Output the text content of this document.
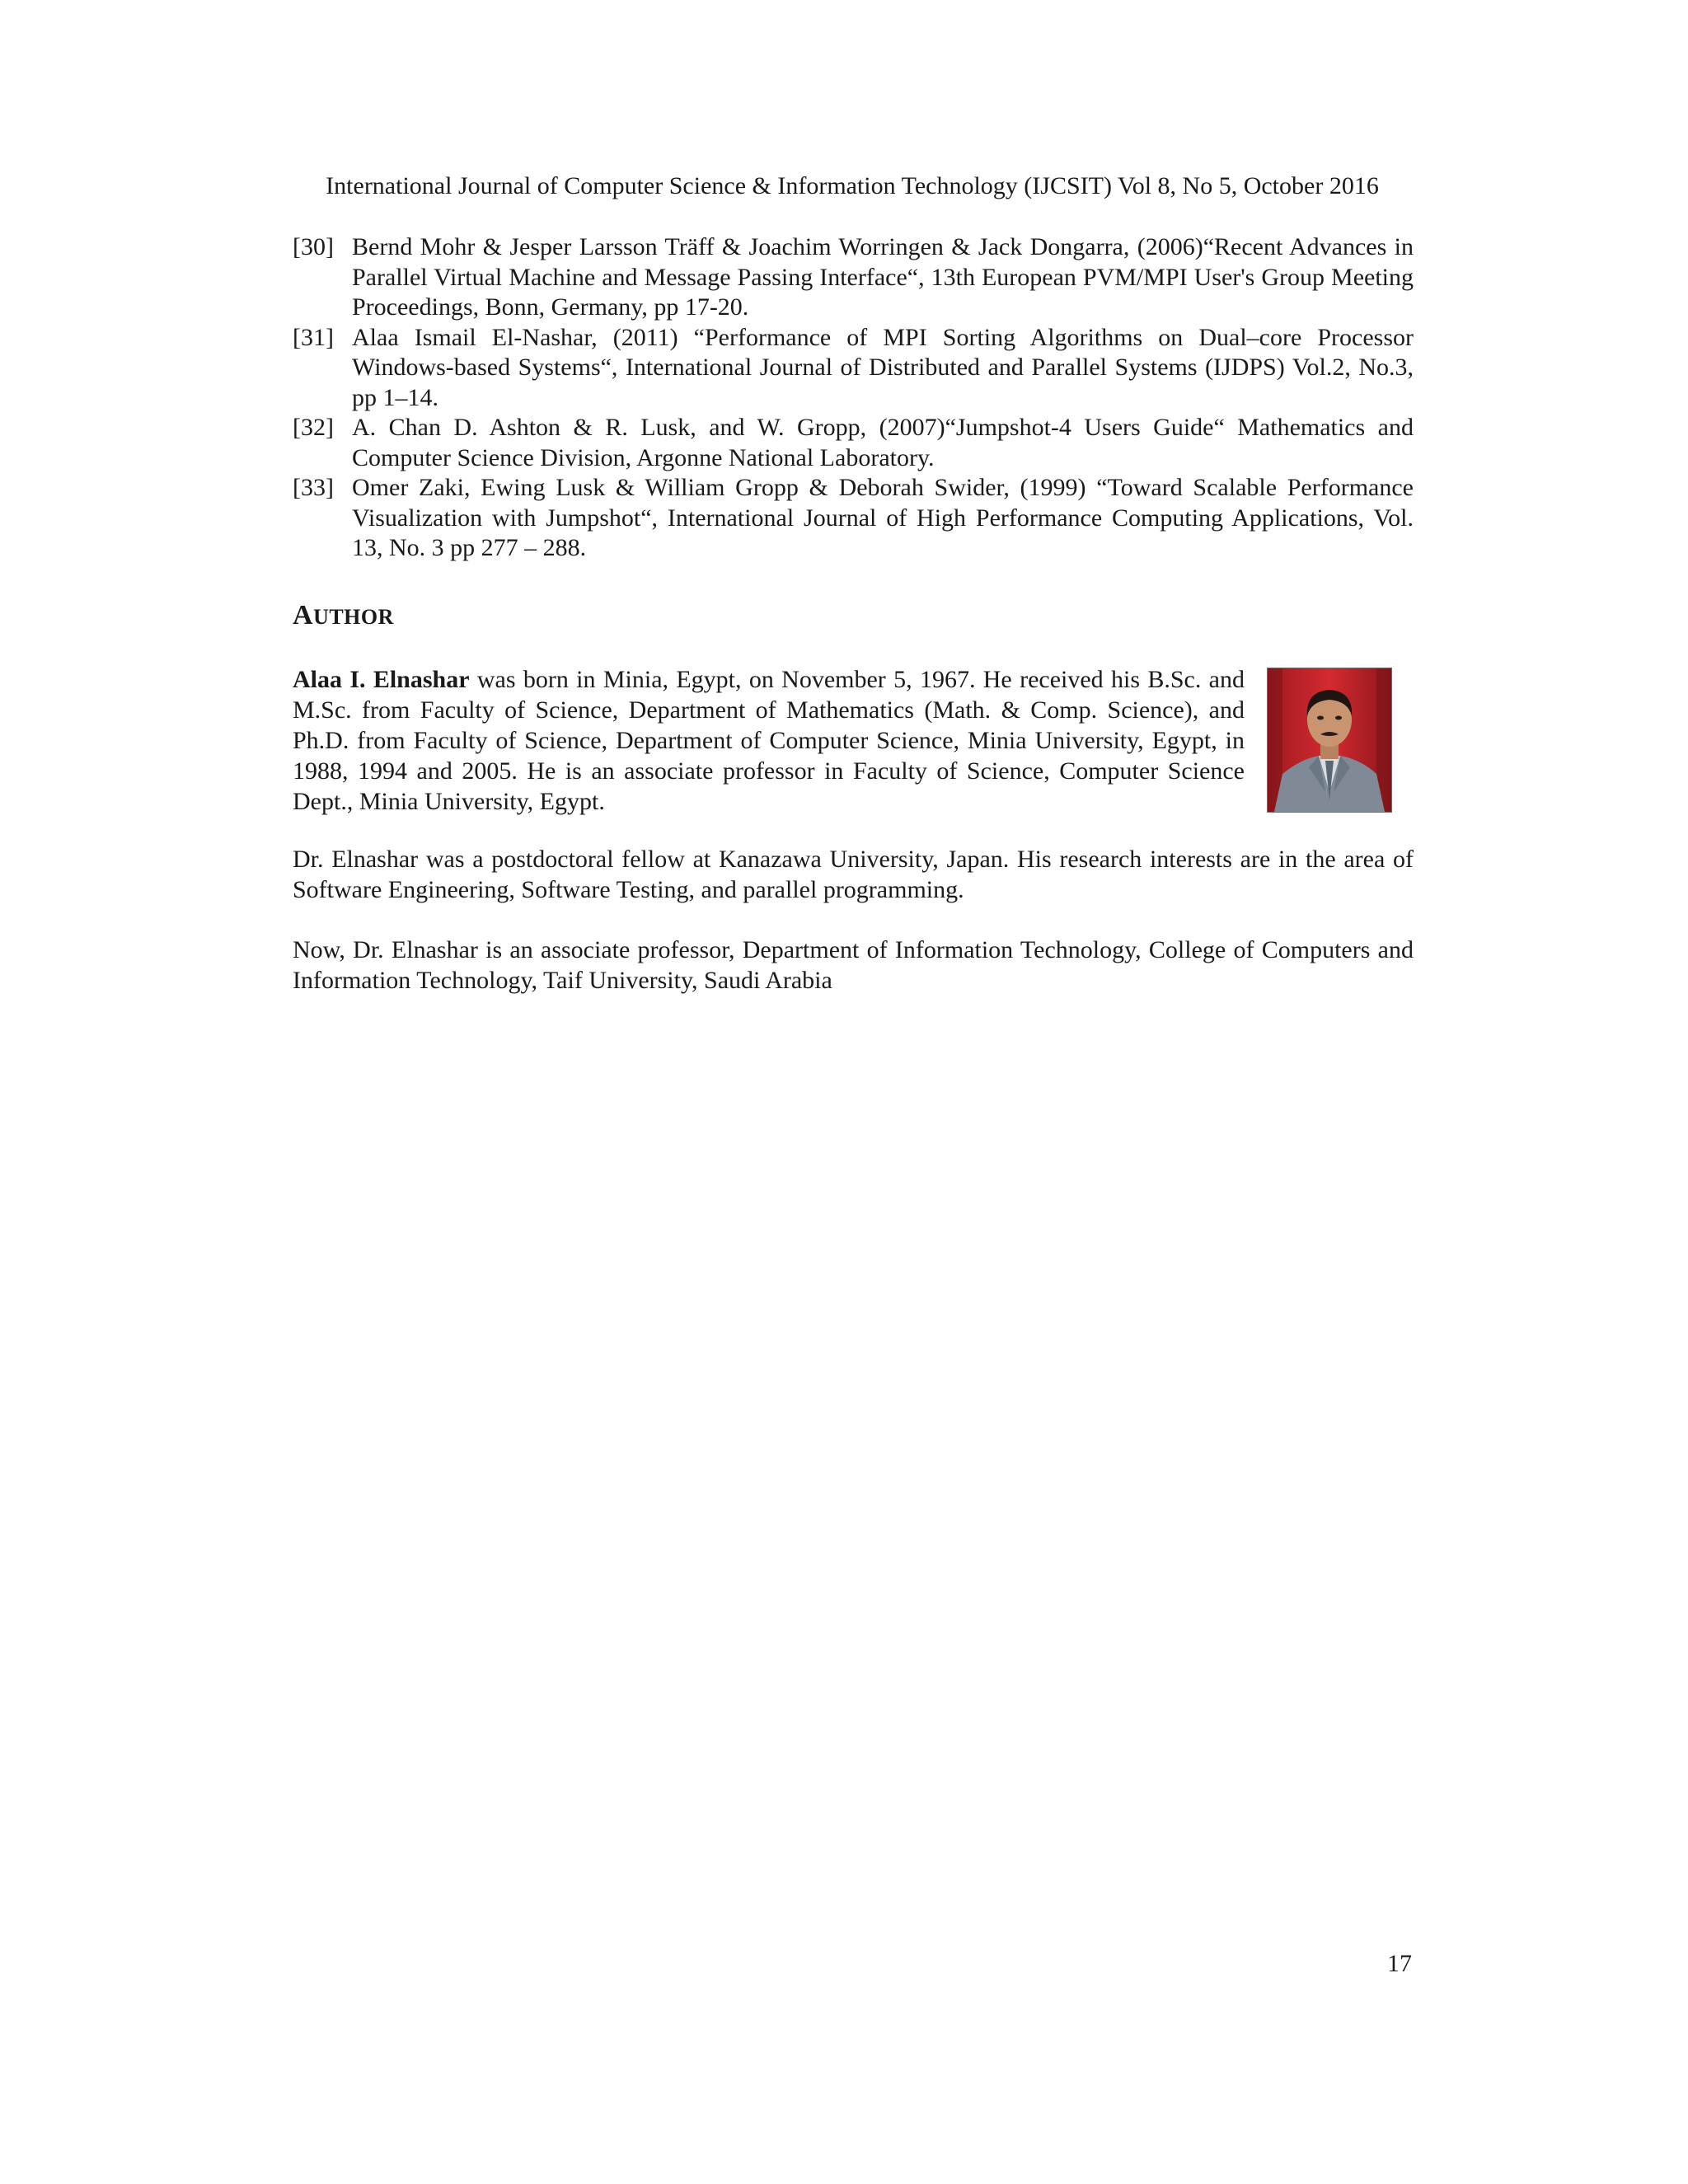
International Journal of Computer Science & Information Technology (IJCSIT) Vol 8, No 5, October 2016

[30] Bernd Mohr & Jesper Larsson Träff & Joachim Worringen & Jack Dongarra, (2006)“Recent Advances in Parallel Virtual Machine and Message Passing Interface“, 13th European PVM/MPI User's Group Meeting Proceedings, Bonn, Germany, pp 17-20.

[31] Alaa Ismail El-Nashar, (2011) “Performance of MPI Sorting Algorithms on Dual–core Processor Windows-based Systems“, International Journal of Distributed and Parallel Systems (IJDPS) Vol.2, No.3, pp 1–14.

[32] A. Chan D. Ashton & R. Lusk, and W. Gropp, (2007)“Jumpshot-4 Users Guide“ Mathematics and Computer Science Division, Argonne National Laboratory.

[33] Omer Zaki, Ewing Lusk & William Gropp & Deborah Swider, (1999) “Toward Scalable Performance Visualization with Jumpshot“, International Journal of High Performance Computing Applications, Vol. 13, No. 3 pp 277 – 288.

AUTHOR
Alaa I. Elnashar was born in Minia, Egypt, on November 5, 1967. He received his B.Sc. and M.Sc. from Faculty of Science, Department of Mathematics (Math. & Comp. Science), and Ph.D. from Faculty of Science, Department of Computer Science, Minia University, Egypt, in 1988, 1994 and 2005. He is an associate professor in Faculty of Science, Computer Science Dept., Minia University, Egypt.
Dr. Elnashar was a postdoctoral fellow at Kanazawa University, Japan. His research interests are in the area of Software Engineering, Software Testing, and parallel programming.
Now, Dr. Elnashar is an associate professor, Department of Information Technology, College of Computers and Information Technology, Taif University, Saudi Arabia
17
